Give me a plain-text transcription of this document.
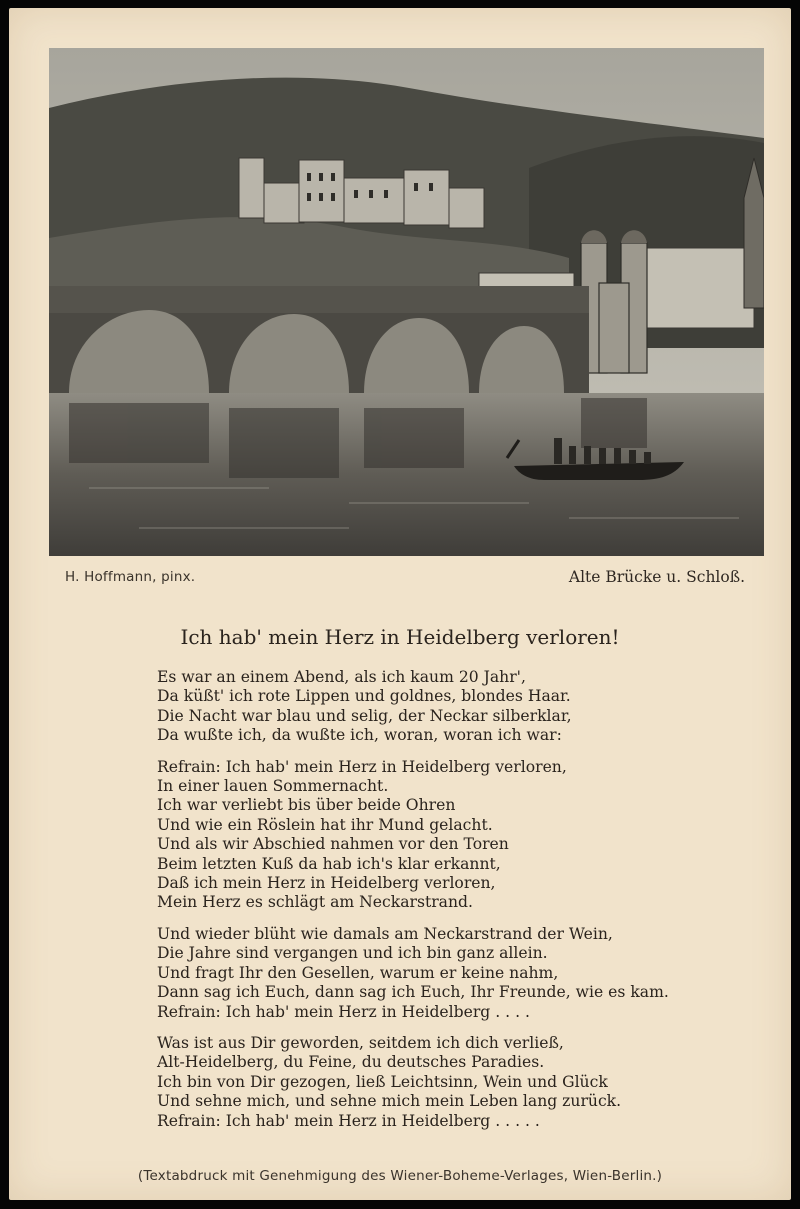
H. Hoffmann, pinx.	Alte Brücke u. Schloß.
Ich hab' mein Herz in Heidelberg verloren!
Es war an einem Abend, als ich kaum 20 Jahr',
Da küßt' ich rote Lippen und goldnes, blondes Haar.
Die Nacht war blau und selig, der Neckar silberklar,
Da wußte ich, da wußte ich, woran, woran ich war:
Refrain: Ich hab' mein Herz in Heidelberg verloren,
In einer lauen Sommernacht.
Ich war verliebt bis über beide Ohren
Und wie ein Röslein hat ihr Mund gelacht.
Und als wir Abschied nahmen vor den Toren
Beim letzten Kuß da hab ich's klar erkannt,
Daß ich mein Herz in Heidelberg verloren,
Mein Herz es schlägt am Neckarstrand.
Und wieder blüht wie damals am Neckarstrand der Wein,
Die Jahre sind vergangen und ich bin ganz allein.
Und fragt Ihr den Gesellen, warum er keine nahm,
Dann sag ich Euch, dann sag ich Euch, Ihr Freunde, wie es kam.
Refrain: Ich hab' mein Herz in Heidelberg . . . .
Was ist aus Dir geworden, seitdem ich dich verließ,
Alt-Heidelberg, du Feine, du deutsches Paradies.
Ich bin von Dir gezogen, ließ Leichtsinn, Wein und Glück
Und sehne mich, und sehne mich mein Leben lang zurück.
Refrain: Ich hab' mein Herz in Heidelberg . . . . .
(Textabdruck mit Genehmigung des Wiener-Boheme-Verlages, Wien-Berlin.)
